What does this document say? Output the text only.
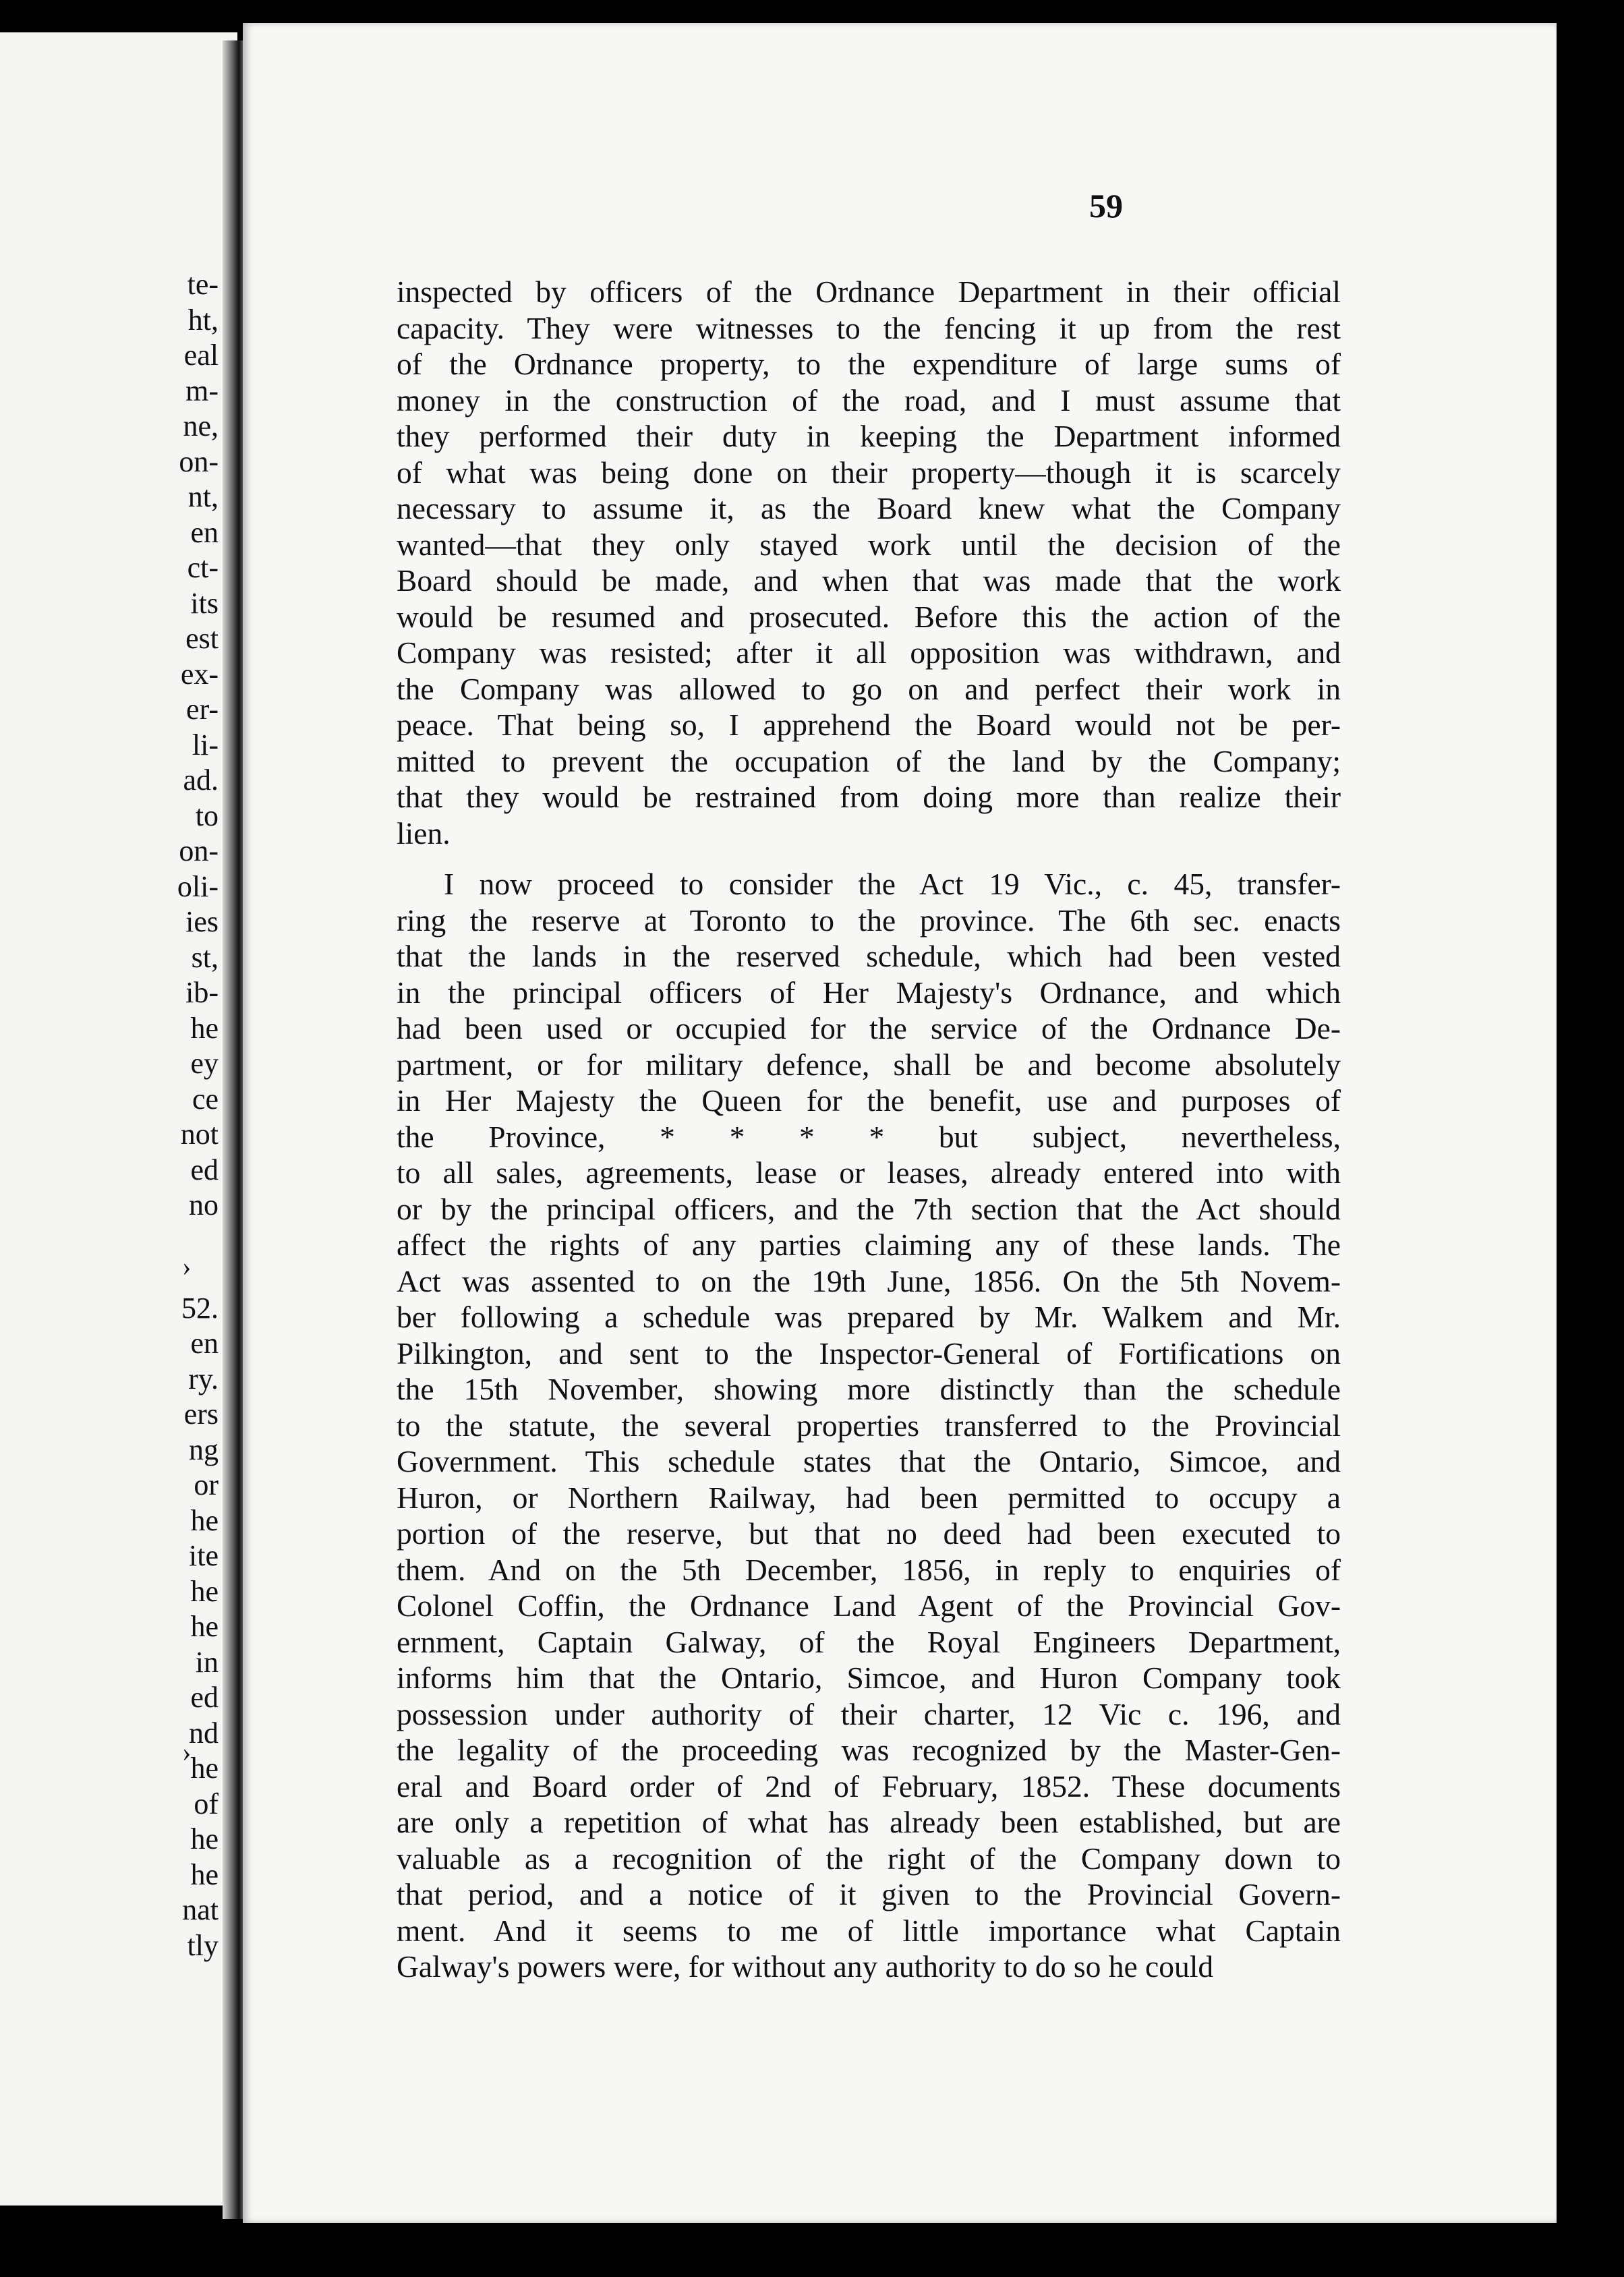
te-
ht,
eal
m-
ne,
on-
nt,
en
ct-
its
est
ex-
er-
li-
ad.
to
on-
oli-
ies
st,
ib-
he
ey
ce
not
ed
no
52.
en
ry.
ers
ng
or
he
ite
he
he
in
ed
nd
he
of
he
he
nat
tly

59

inspected by officers of the Ordnance Department in their official
capacity. They were witnesses to the fencing it up from the rest
of the Ordnance property, to the expenditure of large sums of
money in the construction of the road, and I must assume that
they performed their duty in keeping the Department informed
of what was being done on their property—though it is scarcely
necessary to assume it, as the Board knew what the Company
wanted—that they only stayed work until the decision of the
Board should be made, and when that was made that the work
would be resumed and prosecuted. Before this the action of the
Company was resisted; after it all opposition was withdrawn, and
the Company was allowed to go on and perfect their work in
peace. That being so, I apprehend the Board would not be per-
mitted to prevent the occupation of the land by the Company;
that they would be restrained from doing more than realize their
lien.
I now proceed to consider the Act 19 Vic., c. 45, transfer-
ring the reserve at Toronto to the province. The 6th sec. enacts
that the lands in the reserved schedule, which had been vested
in the principal officers of Her Majesty's Ordnance, and which
had been used or occupied for the service of the Ordnance De-
partment, or for military defence, shall be and become absolutely
in Her Majesty the Queen for the benefit, use and purposes of
the Province, * * * * but subject, nevertheless,
to all sales, agreements, lease or leases, already entered into with
or by the principal officers, and the 7th section that the Act should
affect the rights of any parties claiming any of these lands. The
Act was assented to on the 19th June, 1856. On the 5th Novem-
ber following a schedule was prepared by Mr. Walkem and Mr.
Pilkington, and sent to the Inspector-General of Fortifications on
the 15th November, showing more distinctly than the schedule
to the statute, the several properties transferred to the Provincial
Government. This schedule states that the Ontario, Simcoe, and
Huron, or Northern Railway, had been permitted to occupy a
portion of the reserve, but that no deed had been executed to
them. And on the 5th December, 1856, in reply to enquiries of
Colonel Coffin, the Ordnance Land Agent of the Provincial Gov-
ernment, Captain Galway, of the Royal Engineers Department,
informs him that the Ontario, Simcoe, and Huron Company took
possession under authority of their charter, 12 Vic c. 196, and
the legality of the proceeding was recognized by the Master-Gen-
eral and Board order of 2nd of February, 1852. These documents
are only a repetition of what has already been established, but are
valuable as a recognition of the right of the Company down to
that period, and a notice of it given to the Provincial Govern-
ment. And it seems to me of little importance what Captain
Galway's powers were, for without any authority to do so he could
›
›
